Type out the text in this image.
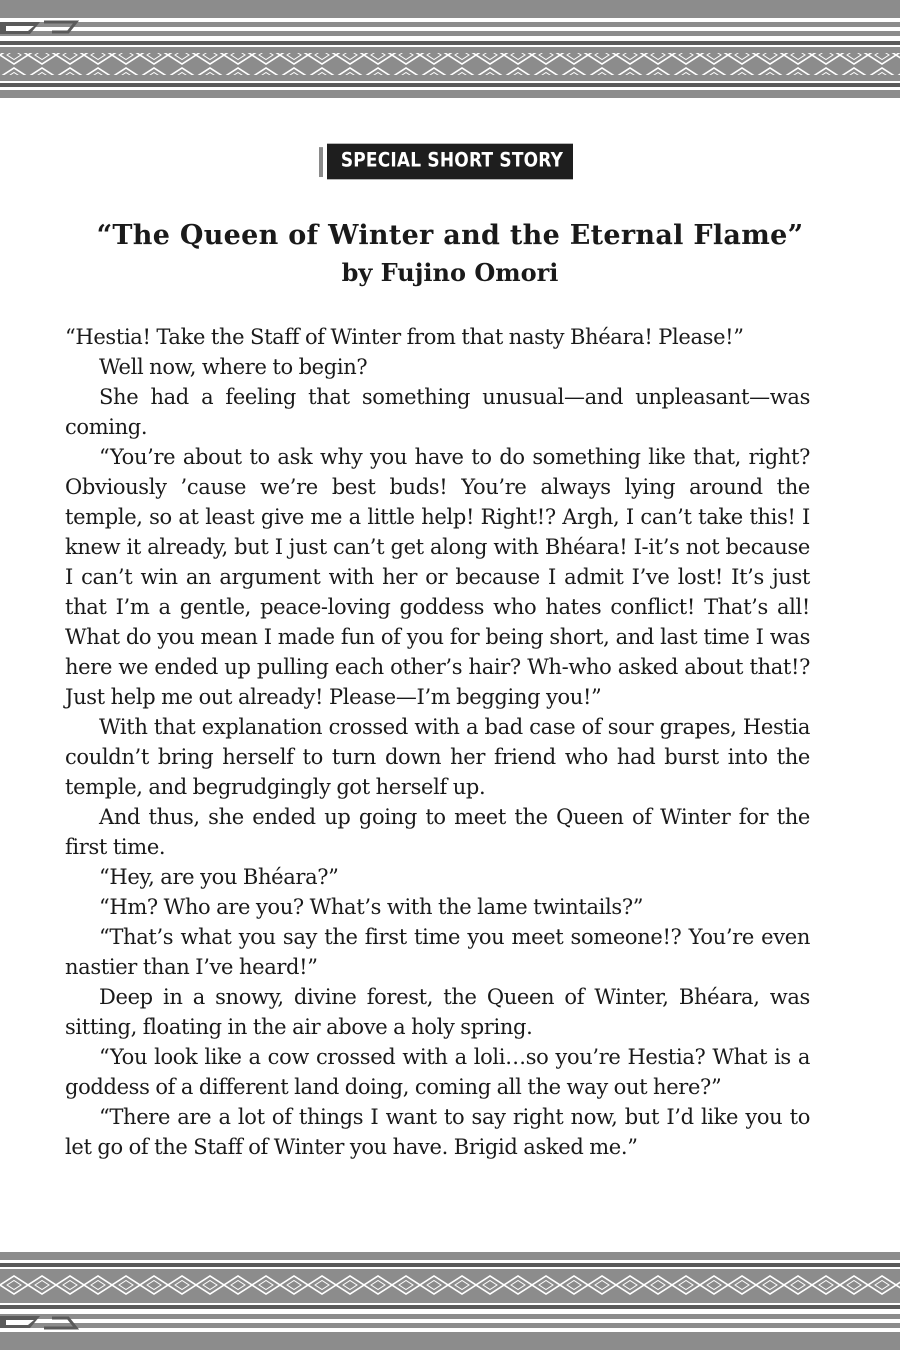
SPECIAL SHORT STORY
“The Queen of Winter and the Eternal Flame”
by Fujino Omori

“Hestia! Take the Staff of Winter from that nasty Bhéara! Please!”

Well now, where to begin?

She had a feeling that something unusual—and unpleasant—was coming.

“You’re about to ask why you have to do something like that, right? Obviously ’cause we’re best buds! You’re always lying around the temple, so at least give me a little help! Right!? Argh, I can’t take this! I knew it already, but I just can’t get along with Bhéara! I-it’s not because I can’t win an argument with her or because I admit I’ve lost! It’s just that I’m a gentle, peace-loving goddess who hates conflict! That’s all! What do you mean I made fun of you for being short, and last time I was here we ended up pulling each other’s hair? Wh-who asked about that!? Just help me out already! Please—I’m begging you!”

With that explanation crossed with a bad case of sour grapes, Hestia couldn’t bring herself to turn down her friend who had burst into the temple, and begrudgingly got herself up.

And thus, she ended up going to meet the Queen of Winter for the first time.

“Hey, are you Bhéara?”

“Hm? Who are you? What’s with the lame twintails?”

“That’s what you say the first time you meet someone!? You’re even nastier than I’ve heard!”

Deep in a snowy, divine forest, the Queen of Winter, Bhéara, was sitting, floating in the air above a holy spring.

“You look like a cow crossed with a loli…so you’re Hestia? What is a goddess of a different land doing, coming all the way out here?”

“There are a lot of things I want to say right now, but I’d like you to let go of the Staff of Winter you have. Brigid asked me.”
